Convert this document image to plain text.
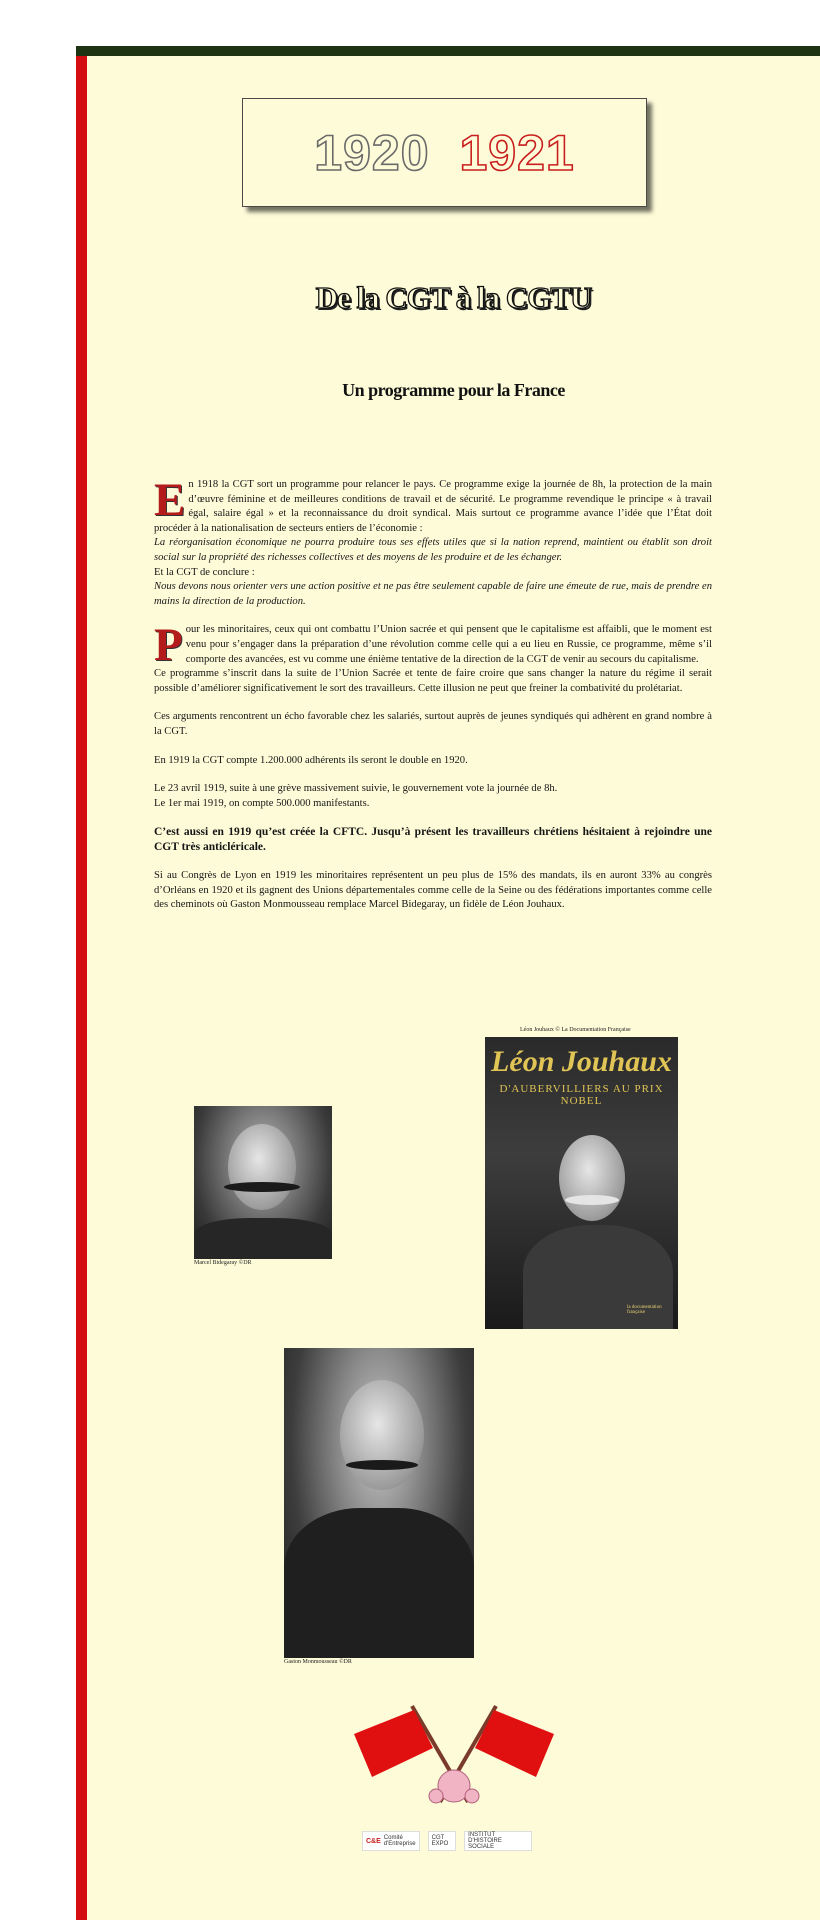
1920 1921
De la CGT à la CGTU
Un programme pour la France

E n 1918 la CGT sort un programme pour relancer le pays. Ce programme exige la journée de 8h, la protection de la main d’œuvre féminine et de meilleures conditions de travail et de sécurité. Le programme revendique le principe « à travail égal, salaire égal » et la reconnaissance du droit syndical. Mais surtout ce programme avance l’idée que l’État doit procéder à la nationalisation de secteurs entiers de l’économie :
La réorganisation économique ne pourra produire tous ses effets utiles que si la nation reprend, maintient ou établit son droit social sur la propriété des richesses collectives et des moyens de les produire et de les échanger.
Et la CGT de conclure :
Nous devons nous orienter vers une action positive et ne pas être seulement capable de faire une émeute de rue, mais de prendre en mains la direction de la production.

P our les minoritaires, ceux qui ont combattu l’Union sacrée et qui pensent que le capitalisme est affaibli, que le moment est venu pour s’engager dans la préparation d’une révolution comme celle qui a eu lieu en Russie, ce programme, même s’il comporte des avancées, est vu comme une énième tentative de la direction de la CGT de venir au secours du capitalisme.
Ce programme s’inscrit dans la suite de l’Union Sacrée et tente de faire croire que sans changer la nature du régime il serait possible d’améliorer significativement le sort des travailleurs. Cette illusion ne peut que freiner la combativité du prolétariat.

Ces arguments rencontrent un écho favorable chez les salariés, surtout auprès de jeunes syndiqués qui adhèrent en grand nombre à la CGT.

En 1919 la CGT compte 1.200.000 adhérents ils seront le double en 1920.

Le 23 avril 1919, suite à une grève massivement suivie, le gouvernement vote la journée de 8h.

Le 1er mai 1919, on compte 500.000 manifestants.

C’est aussi en 1919 qu’est créée la CFTC. Jusqu’à présent les travailleurs chrétiens hésitaient à rejoindre une CGT très anticléricale.

Si au Congrès de Lyon en 1919 les minoritaires représentent un peu plus de 15% des mandats, ils en auront 33% au congrès d’Orléans en 1920 et ils gagnent des Unions départementales comme celle de la Seine ou des fédérations importantes comme celle des cheminots où Gaston Monmousseau remplace Marcel Bidegaray, un fidèle de Léon Jouhaux.

Marcel Bidegaray ©DR
Léon Jouhaux © La Documentation Française
Léon Jouhaux
D'AUBERVILLIERS AU PRIX NOBEL
la documentation française
Gaston Monmousseau ©DR
C&E Comité d'Entreprise
CGT EXPO
INSTITUT D'HISTOIRE SOCIALE
